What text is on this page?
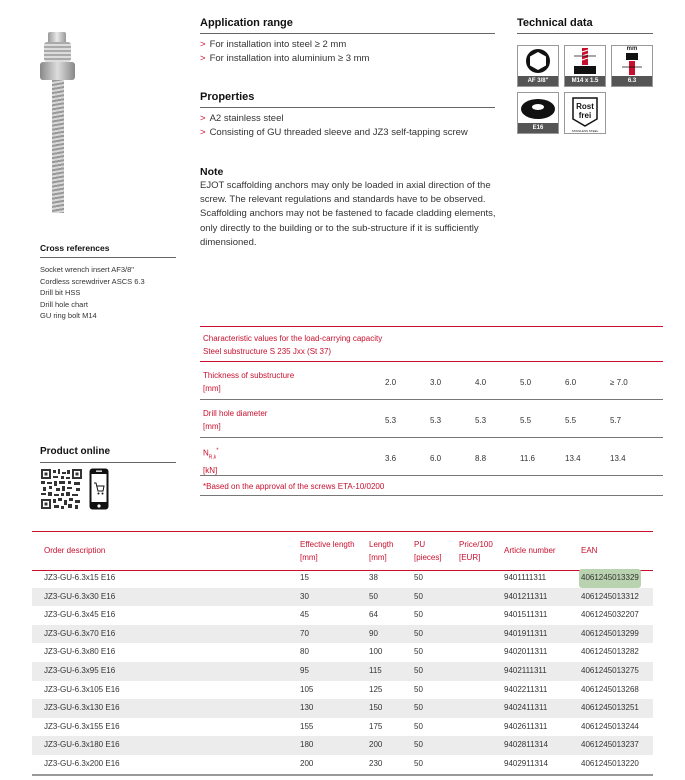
Cross references
Socket wrench insert AF3/8"
Cordless screwdriver ASCS 6.3
Drill bit HSS
Drill hole chart
GU ring bolt M14
Product online
Application range
> For installation into steel ≥ 2 mm
> For installation into aluminium ≥ 3 mm
Properties
> A2 stainless steel
> Consisting of GU threaded sleeve and JZ3 self-tapping screw
Note
EJOT scaffolding anchors may only be loaded in axial direction of the screw. The relevant regulations and standards have to be observed. Scaffolding anchors may not be fastened to facade cladding elements, only directly to the building or to the sub-structure if it is sufficiently dimensioned.
Technical data
AF 3/8"	M14 x 1.5
mm
6.3
E16
Rost
frei
STAINLESS STEEL
Characteristic values for the load-carrying capacity
Steel substructure S 235 Jxx (St 37)
Thickness of substructure
[mm]
2.0	3.0	4.0	5.0	6.0	≥ 7.0
Drill hole diameter
[mm]
5.3	5.3	5.3	5.5	5.5	5.7
$N_{R,k}^*$
[kN]
3.6	6.0	8.8	11.6	13.4	13.4
*Based on the approval of the screws ETA-10/0200
Order description
Effective length
[mm]
Length
[mm]
PU
[pieces]
Price/100
[EUR]
Article number	EAN
JZ3-GU-6.3x15 E16	15	38	50	9401111311	4061245013329
JZ3-GU-6.3x30 E16	30	50	50	9401211311	4061245013312
JZ3-GU-6.3x45 E16	45	64	50	9401511311	4061245032207
JZ3-GU-6.3x70 E16	70	90	50	9401911311	4061245013299
JZ3-GU-6.3x80 E16	80	100	50	9402011311	4061245013282
JZ3-GU-6.3x95 E16	95	115	50	9402111311	4061245013275
JZ3-GU-6.3x105 E16	105	125	50	9402211311	4061245013268
JZ3-GU-6.3x130 E16	130	150	50	9402411311	4061245013251
JZ3-GU-6.3x155 E16	155	175	50	9402611311	4061245013244
JZ3-GU-6.3x180 E16	180	200	50	9402811314	4061245013237
JZ3-GU-6.3x200 E16	200	230	50	9402911314	4061245013220
